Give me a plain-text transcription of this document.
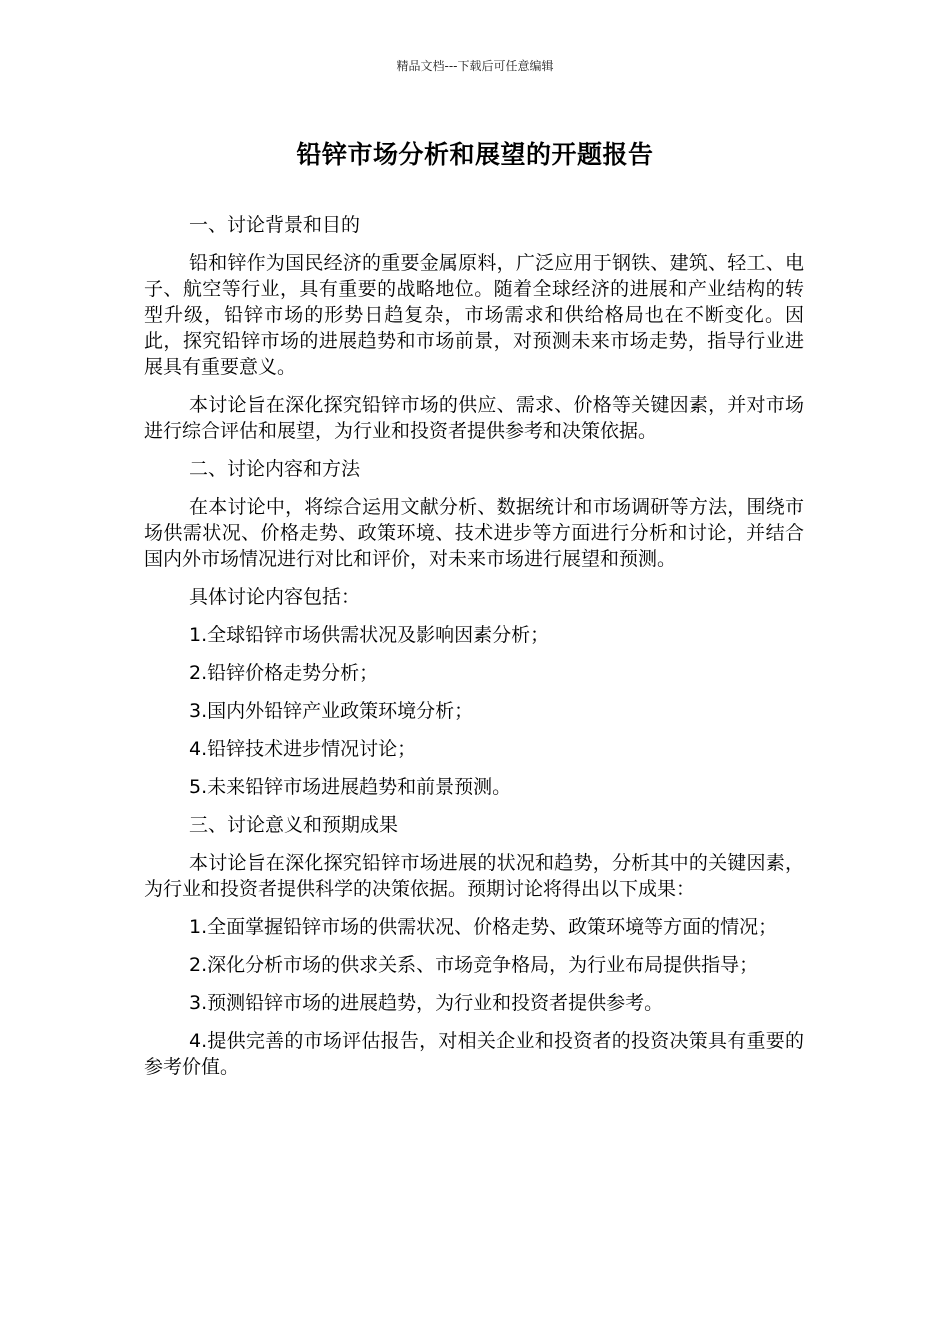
精品文档---下载后可任意编辑
铅锌市场分析和展望的开题报告

一、讨论背景和目的

铅和锌作为国民经济的重要金属原料，广泛应用于钢铁、建筑、轻工、电子、航空等行业，具有重要的战略地位。随着全球经济的进展和产业结构的转型升级，铅锌市场的形势日趋复杂，市场需求和供给格局也在不断变化。因此，探究铅锌市场的进展趋势和市场前景，对预测未来市场走势，指导行业进展具有重要意义。

本讨论旨在深化探究铅锌市场的供应、需求、价格等关键因素，并对市场进行综合评估和展望，为行业和投资者提供参考和决策依据。

二、讨论内容和方法

在本讨论中，将综合运用文献分析、数据统计和市场调研等方法，围绕市场供需状况、价格走势、政策环境、技术进步等方面进行分析和讨论，并结合国内外市场情况进行对比和评价，对未来市场进行展望和预测。

具体讨论内容包括：

1.全球铅锌市场供需状况及影响因素分析；

2.铅锌价格走势分析；

3.国内外铅锌产业政策环境分析；

4.铅锌技术进步情况讨论；

5.未来铅锌市场进展趋势和前景预测。

三、讨论意义和预期成果

本讨论旨在深化探究铅锌市场进展的状况和趋势，分析其中的关键因素，为行业和投资者提供科学的决策依据。预期讨论将得出以下成果：

1.全面掌握铅锌市场的供需状况、价格走势、政策环境等方面的情况；

2.深化分析市场的供求关系、市场竞争格局，为行业布局提供指导；

3.预测铅锌市场的进展趋势，为行业和投资者提供参考。

4.提供完善的市场评估报告，对相关企业和投资者的投资决策具有重要的参考价值。
